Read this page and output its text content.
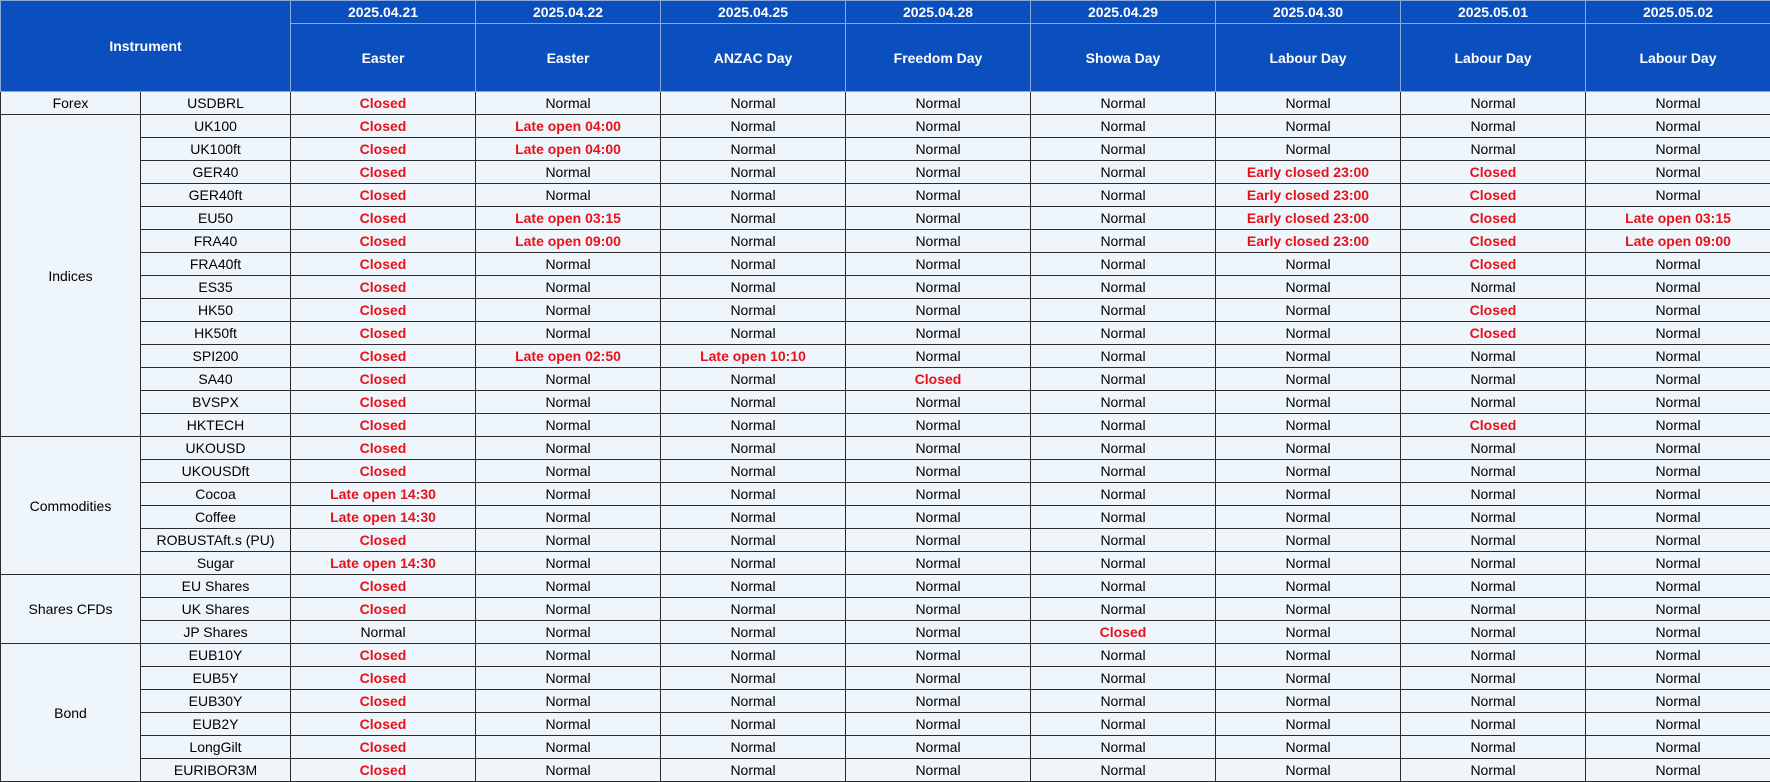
Instrument		2025.04.21	2025.04.22	2025.04.25	2025.04.28	2025.04.29	2025.04.30	2025.05.01	2025.05.02
		Easter	Easter	ANZAC Day	Freedom Day	Showa Day	Labour Day	Labour Day	Labour Day
Forex	USDBRL	Closed	Normal	Normal	Normal	Normal	Normal	Normal	Normal
Indices	UK100	Closed	Late open 04:00	Normal	Normal	Normal	Normal	Normal	Normal
	UK100ft	Closed	Late open 04:00	Normal	Normal	Normal	Normal	Normal	Normal
	GER40	Closed	Normal	Normal	Normal	Normal	Early closed 23:00	Closed	Normal
	GER40ft	Closed	Normal	Normal	Normal	Normal	Early closed 23:00	Closed	Normal
	EU50	Closed	Late open 03:15	Normal	Normal	Normal	Early closed 23:00	Closed	Late open 03:15
	FRA40	Closed	Late open 09:00	Normal	Normal	Normal	Early closed 23:00	Closed	Late open 09:00
	FRA40ft	Closed	Normal	Normal	Normal	Normal	Normal	Closed	Normal
	ES35	Closed	Normal	Normal	Normal	Normal	Normal	Normal	Normal
	HK50	Closed	Normal	Normal	Normal	Normal	Normal	Closed	Normal
	HK50ft	Closed	Normal	Normal	Normal	Normal	Normal	Closed	Normal
	SPI200	Closed	Late open 02:50	Late open 10:10	Normal	Normal	Normal	Normal	Normal
	SA40	Closed	Normal	Normal	Closed	Normal	Normal	Normal	Normal
	BVSPX	Closed	Normal	Normal	Normal	Normal	Normal	Normal	Normal
	HKTECH	Closed	Normal	Normal	Normal	Normal	Normal	Closed	Normal
Commodities	UKOUSD	Closed	Normal	Normal	Normal	Normal	Normal	Normal	Normal
	UKOUSDft	Closed	Normal	Normal	Normal	Normal	Normal	Normal	Normal
	Cocoa	Late open 14:30	Normal	Normal	Normal	Normal	Normal	Normal	Normal
	Coffee	Late open 14:30	Normal	Normal	Normal	Normal	Normal	Normal	Normal
	ROBUSTAft.s (PU)	Closed	Normal	Normal	Normal	Normal	Normal	Normal	Normal
	Sugar	Late open 14:30	Normal	Normal	Normal	Normal	Normal	Normal	Normal
Shares CFDs	EU Shares	Closed	Normal	Normal	Normal	Normal	Normal	Normal	Normal
	UK Shares	Closed	Normal	Normal	Normal	Normal	Normal	Normal	Normal
	JP Shares	Normal	Normal	Normal	Normal	Closed	Normal	Normal	Normal
Bond	EUB10Y	Closed	Normal	Normal	Normal	Normal	Normal	Normal	Normal
	EUB5Y	Closed	Normal	Normal	Normal	Normal	Normal	Normal	Normal
	EUB30Y	Closed	Normal	Normal	Normal	Normal	Normal	Normal	Normal
	EUB2Y	Closed	Normal	Normal	Normal	Normal	Normal	Normal	Normal
	LongGilt	Closed	Normal	Normal	Normal	Normal	Normal	Normal	Normal
	EURIBOR3M	Closed	Normal	Normal	Normal	Normal	Normal	Normal	Normal
